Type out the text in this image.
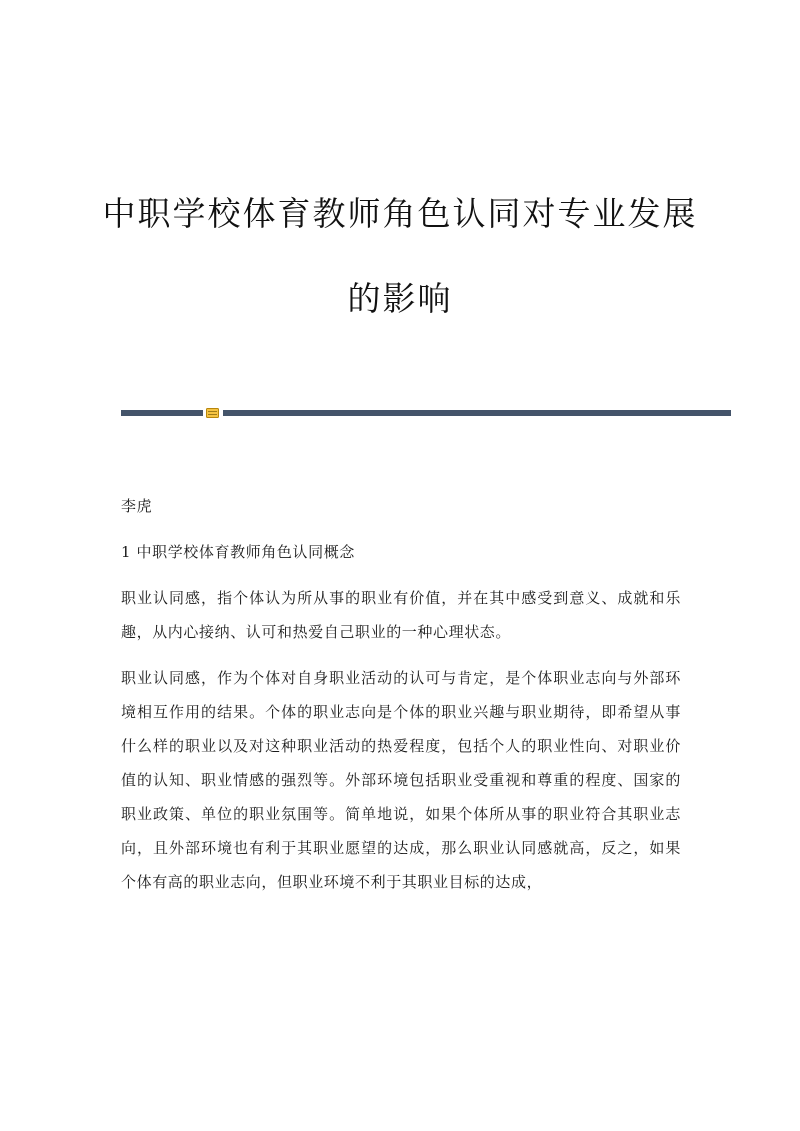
中职学校体育教师角色认同对专业发展
的影响

李虎

1 中职学校体育教师角色认同概念

职业认同感，指个体认为所从事的职业有价值，并在其中感受到意义、成就和乐趣，从内心接纳、认可和热爱自己职业的一种心理状态。

职业认同感，作为个体对自身职业活动的认可与肯定，是个体职业志向与外部环境相互作用的结果。个体的职业志向是个体的职业兴趣与职业期待，即希望从事什么样的职业以及对这种职业活动的热爱程度，包括个人的职业性向、对职业价值的认知、职业情感的强烈等。外部环境包括职业受重视和尊重的程度、国家的职业政策、单位的职业氛围等。简单地说，如果个体所从事的职业符合其职业志向，且外部环境也有利于其职业愿望的达成，那么职业认同感就高，反之，如果个体有高的职业志向，但职业环境不利于其职业目标的达成，
